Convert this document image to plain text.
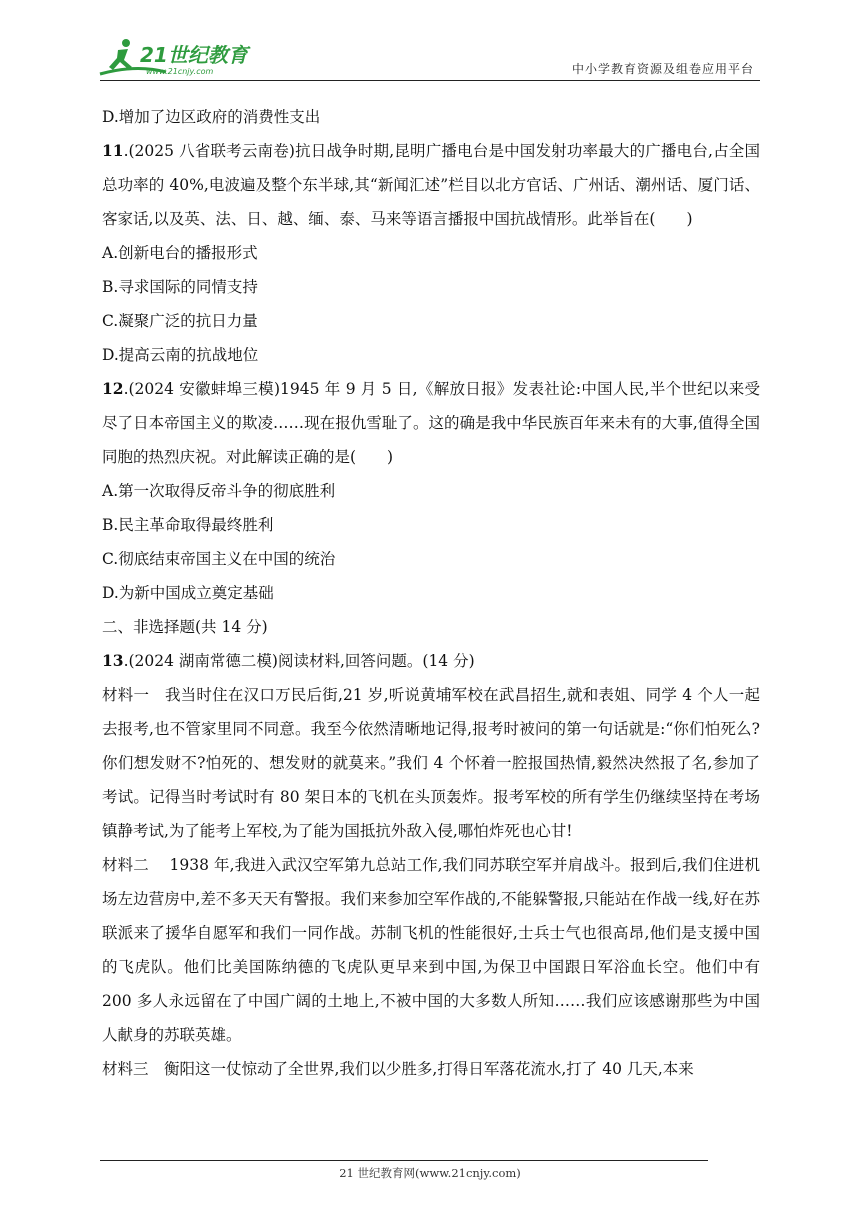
21世纪教育
www.21cnjy.com	中小学教育资源及组卷应用平台
D.增加了边区政府的消费性支出
11.(2025 八省联考云南卷)抗日战争时期,昆明广播电台是中国发射功率最大的广播电台,占全国总功率的 40%,电波遍及整个东半球,其“新闻汇述”栏目以北方官话、广州话、潮州话、厦门话、客家话,以及英、法、日、越、缅、泰、马来等语言播报中国抗战情形。此举旨在(　　)
A.创新电台的播报形式
B.寻求国际的同情支持
C.凝聚广泛的抗日力量
D.提高云南的抗战地位
12.(2024 安徽蚌埠三模)1945 年 9 月 5 日,《解放日报》发表社论:中国人民,半个世纪以来受尽了日本帝国主义的欺凌……现在报仇雪耻了。这的确是我中华民族百年来未有的大事,值得全国同胞的热烈庆祝。对此解读正确的是(　　)
A.第一次取得反帝斗争的彻底胜利
B.民主革命取得最终胜利
C.彻底结束帝国主义在中国的统治
D.为新中国成立奠定基础
二、非选择题(共 14 分)
13.(2024 湖南常德二模)阅读材料,回答问题。(14 分)
材料一　我当时住在汉口万民后街,21 岁,听说黄埔军校在武昌招生,就和表姐、同学 4 个人一起去报考,也不管家里同不同意。我至今依然清晰地记得,报考时被问的第一句话就是:“你们怕死么?你们想发财不?怕死的、想发财的就莫来。”我们 4 个怀着一腔报国热情,毅然决然报了名,参加了考试。记得当时考试时有 80 架日本的飞机在头顶轰炸。报考军校的所有学生仍继续坚持在考场镇静考试,为了能考上军校,为了能为国抵抗外敌入侵,哪怕炸死也心甘!
材料二　 1938 年,我进入武汉空军第九总站工作,我们同苏联空军并肩战斗。报到后,我们住进机场左边营房中,差不多天天有警报。我们来参加空军作战的,不能躲警报,只能站在作战一线,好在苏联派来了援华自愿军和我们一同作战。苏制飞机的性能很好,士兵士气也很高昂,他们是支援中国的飞虎队。他们比美国陈纳德的飞虎队更早来到中国,为保卫中国跟日军浴血长空。他们中有 200 多人永远留在了中国广阔的土地上,不被中国的大多数人所知……我们应该感谢那些为中国人献身的苏联英雄。
材料三　衡阳这一仗惊动了全世界,我们以少胜多,打得日军落花流水,打了 40 几天,本来
21 世纪教育网(www.21cnjy.com)
